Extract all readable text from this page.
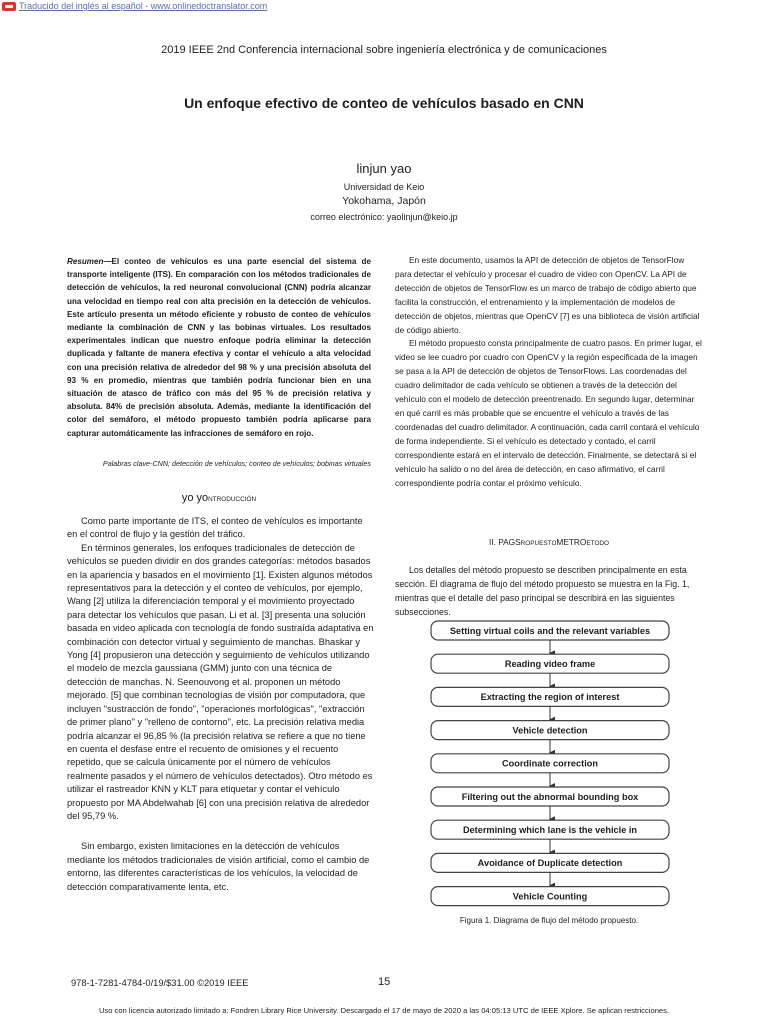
Traducido del inglés al español - www.onlinedoctranslator.com
2019 IEEE 2nd Conferencia internacional sobre ingeniería electrónica y de comunicaciones
Un enfoque efectivo de conteo de vehículos basado en CNN
linjun yao
Universidad de Keio
Yokohama, Japón
correo electrónico: yaolinjun@keio.jp
Resumen—El conteo de vehículos es una parte esencial del sistema de transporte inteligente (ITS). En comparación con los métodos tradicionales de detección de vehículos, la red neuronal convolucional (CNN) podría alcanzar una velocidad en tiempo real con alta precisión en la detección de vehículos. Este artículo presenta un método eficiente y robusto de conteo de vehículos mediante la combinación de CNN y las bobinas virtuales. Los resultados experimentales indican que nuestro enfoque podría eliminar la detección duplicada y faltante de manera efectiva y contar el vehículo a alta velocidad con una precisión relativa de alrededor del 98 % y una precisión absoluta del 93 % en promedio, mientras que también podría funcionar bien en una situación de atasco de tráfico con más del 95 % de precisión relativa y absoluta. 84% de precisión absoluta. Además, mediante la identificación del color del semáforo, el método propuesto también podría aplicarse para capturar automáticamente las infracciones de semáforo en rojo.
Palabras clave-CNN; detección de vehículos; conteo de vehículos; bobinas virtuales
yo yoNTRODUCCIÓN

Como parte importante de ITS, el conteo de vehículos es importante en el control de flujo y la gestión del tráfico.

En términos generales, los enfoques tradicionales de detección de vehículos se pueden dividir en dos grandes categorías: métodos basados en la apariencia y basados en el movimiento [1]. Existen algunos métodos representativos para la detección y el conteo de vehículos, por ejemplo, Wang [2] utiliza la diferenciación temporal y el movimiento proyectado para detectar los vehículos que pasan. Li et al. [3] presenta una solución basada en video aplicada con tecnología de fondo sustraída adaptativa en combinación con detector virtual y seguimiento de manchas. Bhaskar y Yong [4] propusieron una detección y seguimiento de vehículos utilizando el modelo de mezcla gaussiana (GMM) junto con una técnica de detección de manchas. N. Seenouvong et al. proponen un método mejorado. [5] que combinan tecnologías de visión por computadora, que incluyen "sustracción de fondo", "operaciones morfológicas", "extracción de primer plano" y "relleno de contorno", etc. La precisión relativa media podría alcanzar el 96,85 % (la precisión relativa se refiere a que no tiene en cuenta el desfase entre el recuento de omisiones y el recuento repetido, que se calcula únicamente por el número de vehículos realmente pasados y el número de vehículos detectados). Otro método es utilizar el rastreador KNN y KLT para etiquetar y contar el vehículo propuesto por MA Abdelwahab [6] con una precisión relativa de alrededor del 95,79 %.

Sin embargo, existen limitaciones en la detección de vehículos mediante los métodos tradicionales de visión artificial, como el cambio de entorno, las diferentes características de los vehículos, la velocidad de detección comparativamente lenta, etc.

En este documento, usamos la API de detección de objetos de TensorFlow para detectar el vehículo y procesar el cuadro de video con OpenCV. La API de detección de objetos de TensorFlow es un marco de trabajo de código abierto que facilita la construcción, el entrenamiento y la implementación de modelos de detección de objetos, mientras que OpenCV [7] es una biblioteca de visión artificial de código abierto.

El método propuesto consta principalmente de cuatro pasos. En primer lugar, el video se lee cuadro por cuadro con OpenCV y la región especificada de la imagen se pasa a la API de detección de objetos de TensorFlows. Las coordenadas del cuadro delimitador de cada vehículo se obtienen a través de la detección del vehículo con el modelo de detección preentrenado. En segundo lugar, determinar en qué carril es más probable que se encuentre el vehículo a través de las coordenadas del cuadro delimitador. A continuación, cada carril contará el vehículo de forma independiente. Si el vehículo es detectado y contado, el carril correspondiente estará en el intervalo de detección. Finalmente, se detectará si el vehículo ha salido o no del área de detección, en caso afirmativo, el carril correspondiente podría contar el próximo vehículo.

II. PAGSROPUESTOMETROETODO

Los detalles del método propuesto se describen principalmente en esta sección. El diagrama de flujo del método propuesto se muestra en la Fig. 1, mientras que el detalle del paso principal se describirá en las siguientes subsecciones.

Setting virtual coils and the relevant variables
Reading video frame
Extracting the region of interest
Vehicle detection
Coordinate correction
Filtering out the abnormal bounding box
Determining which lane is the vehicle in
Avoidance of Duplicate detection
Vehicle Counting
Figura 1. Diagrama de flujo del método propuesto.
978-1-7281-4784-0/19/$31.00 ©2019 IEEE	15
Uso con licencia autorizado limitado a: Fondren Library Rice University. Descargado el 17 de mayo de 2020 a las 04:05:13 UTC de IEEE Xplore. Se aplican restricciones.
